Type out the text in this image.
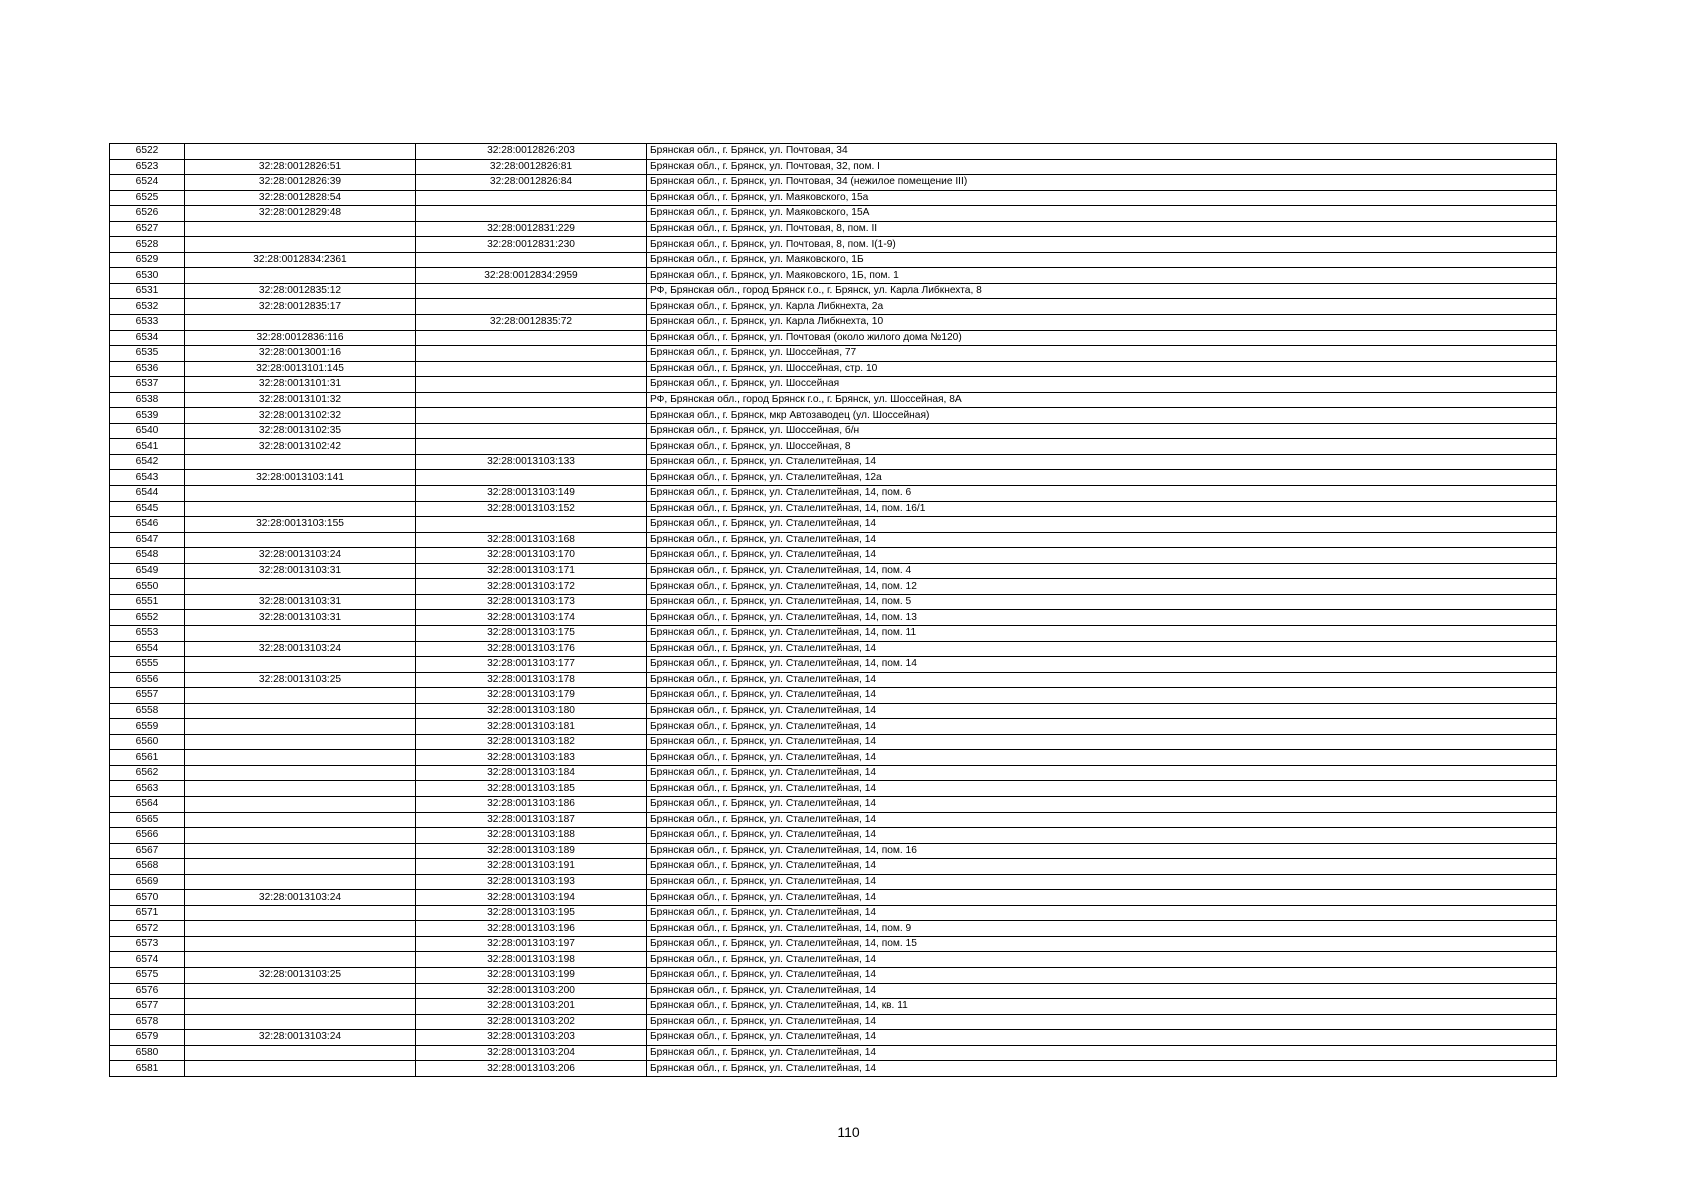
6522		32:28:0012826:203	Брянская обл., г. Брянск, ул. Почтовая, 34
6523	32:28:0012826:51	32:28:0012826:81	Брянская обл., г. Брянск, ул. Почтовая, 32, пом. I
6524	32:28:0012826:39	32:28:0012826:84	Брянская обл., г. Брянск, ул. Почтовая, 34 (нежилое помещение III)
6525	32:28:0012828:54		Брянская обл., г. Брянск, ул. Маяковского, 15а
6526	32:28:0012829:48		Брянская обл., г. Брянск, ул. Маяковского, 15А
6527		32:28:0012831:229	Брянская обл., г. Брянск, ул. Почтовая, 8, пом. II
6528		32:28:0012831:230	Брянская обл., г. Брянск, ул. Почтовая, 8, пом. I(1-9)
6529	32:28:0012834:2361		Брянская обл., г. Брянск, ул. Маяковского, 1Б
6530		32:28:0012834:2959	Брянская обл., г. Брянск, ул. Маяковского, 1Б, пом. 1
6531	32:28:0012835:12		РФ, Брянская обл., город Брянск г.о., г. Брянск, ул. Карла Либкнехта, 8
6532	32:28:0012835:17		Брянская обл., г. Брянск, ул. Карла Либкнехта, 2а
6533		32:28:0012835:72	Брянская обл., г. Брянск, ул. Карла Либкнехта, 10
6534	32:28:0012836:116		Брянская обл., г. Брянск, ул. Почтовая (около жилого дома №120)
6535	32:28:0013001:16		Брянская обл., г. Брянск, ул. Шоссейная, 77
6536	32:28:0013101:145		Брянская обл., г. Брянск, ул. Шоссейная, стр. 10
6537	32:28:0013101:31		Брянская обл., г. Брянск, ул. Шоссейная
6538	32:28:0013101:32		РФ, Брянская обл., город Брянск г.о., г. Брянск, ул. Шоссейная, 8А
6539	32:28:0013102:32		Брянская обл., г. Брянск, мкр Автозаводец (ул. Шоссейная)
6540	32:28:0013102:35		Брянская обл., г. Брянск, ул. Шоссейная, б/н
6541	32:28:0013102:42		Брянская обл., г. Брянск, ул. Шоссейная, 8
6542		32:28:0013103:133	Брянская обл., г. Брянск, ул. Сталелитейная, 14
6543	32:28:0013103:141		Брянская обл., г. Брянск, ул. Сталелитейная, 12а
6544		32:28:0013103:149	Брянская обл., г. Брянск, ул. Сталелитейная, 14, пом. 6
6545		32:28:0013103:152	Брянская обл., г. Брянск, ул. Сталелитейная, 14, пом. 16/1
6546	32:28:0013103:155		Брянская обл., г. Брянск, ул. Сталелитейная, 14
6547		32:28:0013103:168	Брянская обл., г. Брянск, ул. Сталелитейная, 14
6548	32:28:0013103:24	32:28:0013103:170	Брянская обл., г. Брянск, ул. Сталелитейная, 14
6549	32:28:0013103:31	32:28:0013103:171	Брянская обл., г. Брянск, ул. Сталелитейная, 14, пом. 4
6550		32:28:0013103:172	Брянская обл., г. Брянск, ул. Сталелитейная, 14, пом. 12
6551	32:28:0013103:31	32:28:0013103:173	Брянская обл., г. Брянск, ул. Сталелитейная, 14, пом. 5
6552	32:28:0013103:31	32:28:0013103:174	Брянская обл., г. Брянск, ул. Сталелитейная, 14, пом. 13
6553		32:28:0013103:175	Брянская обл., г. Брянск, ул. Сталелитейная, 14, пом. 11
6554	32:28:0013103:24	32:28:0013103:176	Брянская обл., г. Брянск, ул. Сталелитейная, 14
6555		32:28:0013103:177	Брянская обл., г. Брянск, ул. Сталелитейная, 14, пом. 14
6556	32:28:0013103:25	32:28:0013103:178	Брянская обл., г. Брянск, ул. Сталелитейная, 14
6557		32:28:0013103:179	Брянская обл., г. Брянск, ул. Сталелитейная, 14
6558		32:28:0013103:180	Брянская обл., г. Брянск, ул. Сталелитейная, 14
6559		32:28:0013103:181	Брянская обл., г. Брянск, ул. Сталелитейная, 14
6560		32:28:0013103:182	Брянская обл., г. Брянск, ул. Сталелитейная, 14
6561		32:28:0013103:183	Брянская обл., г. Брянск, ул. Сталелитейная, 14
6562		32:28:0013103:184	Брянская обл., г. Брянск, ул. Сталелитейная, 14
6563		32:28:0013103:185	Брянская обл., г. Брянск, ул. Сталелитейная, 14
6564		32:28:0013103:186	Брянская обл., г. Брянск, ул. Сталелитейная, 14
6565		32:28:0013103:187	Брянская обл., г. Брянск, ул. Сталелитейная, 14
6566		32:28:0013103:188	Брянская обл., г. Брянск, ул. Сталелитейная, 14
6567		32:28:0013103:189	Брянская обл., г. Брянск, ул. Сталелитейная, 14, пом. 16
6568		32:28:0013103:191	Брянская обл., г. Брянск, ул. Сталелитейная, 14
6569		32:28:0013103:193	Брянская обл., г. Брянск, ул. Сталелитейная, 14
6570	32:28:0013103:24	32:28:0013103:194	Брянская обл., г. Брянск, ул. Сталелитейная, 14
6571		32:28:0013103:195	Брянская обл., г. Брянск, ул. Сталелитейная, 14
6572		32:28:0013103:196	Брянская обл., г. Брянск, ул. Сталелитейная, 14, пом. 9
6573		32:28:0013103:197	Брянская обл., г. Брянск, ул. Сталелитейная, 14, пом. 15
6574		32:28:0013103:198	Брянская обл., г. Брянск, ул. Сталелитейная, 14
6575	32:28:0013103:25	32:28:0013103:199	Брянская обл., г. Брянск, ул. Сталелитейная, 14
6576		32:28:0013103:200	Брянская обл., г. Брянск, ул. Сталелитейная, 14
6577		32:28:0013103:201	Брянская обл., г. Брянск, ул. Сталелитейная, 14, кв. 11
6578		32:28:0013103:202	Брянская обл., г. Брянск, ул. Сталелитейная, 14
6579	32:28:0013103:24	32:28:0013103:203	Брянская обл., г. Брянск, ул. Сталелитейная, 14
6580		32:28:0013103:204	Брянская обл., г. Брянск, ул. Сталелитейная, 14
6581		32:28:0013103:206	Брянская обл., г. Брянск, ул. Сталелитейная, 14
110
